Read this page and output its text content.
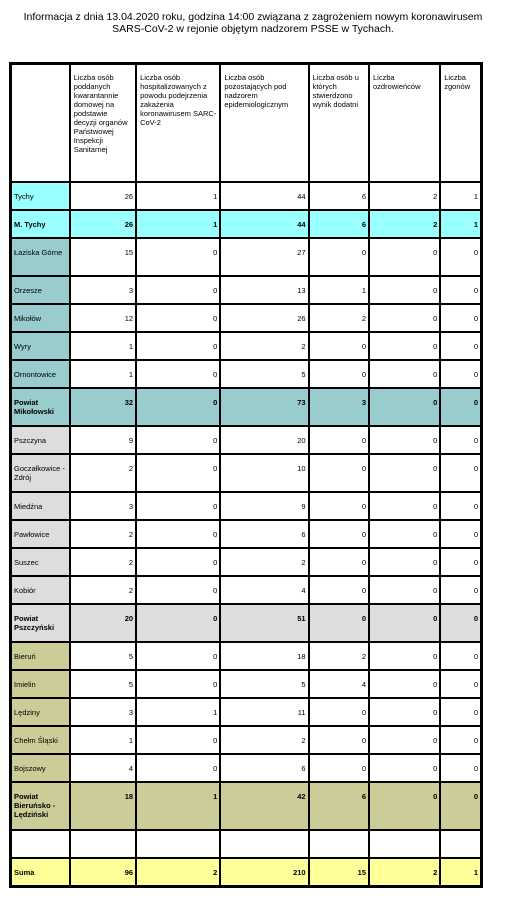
Informacja z dnia 13.04.2020 roku, godzina 14:00 związana z zagrożeniem nowym koronawirusem
SARS-CoV-2 w rejonie objętym nadzorem PSSE w Tychach.
	Liczba osób poddanych kwarantannie domowej na podstawie decyzji organów Państwowej Inspekcji Sanitarnej	Liczba osób hospitalizowanych z powodu podejrzenia zakażenia koronawirusem SARC-CoV-2	Liczba osób pozostających pod nadzorem epidemiologicznym	Liczba osób u których stwierdzono wynik dodatni	Liczba ozdrowieńców	Liczba zgonów
Tychy	26	1	44	6	2	1
M. Tychy	26	1	44	6	2	1
Łaziska Górne	15	0	27	0	0	0
Orzesze	3	0	13	1	0	0
Mikołów	12	0	26	2	0	0
Wyry	1	0	2	0	0	0
Ornontowice	1	0	5	0	0	0
Powiat Mikołowski	32	0	73	3	0	0
Pszczyna	9	0	20	0	0	0
Goczałkowice - Zdrój	2	0	10	0	0	0
Miedźna	3	0	9	0	0	0
Pawłowice	2	0	6	0	0	0
Suszec	2	0	2	0	0	0
Kobiór	2	0	4	0	0	0
Powiat Pszczyński	20	0	51	0	0	0
Bieruń	5	0	18	2	0	0
Imielin	5	0	5	4	0	0
Lędziny	3	1	11	0	0	0
Chełm Śląski	1	0	2	0	0	0
Bojszowy	4	0	6	0	0	0
Powiat Bieruńsko - Lędziński	18	1	42	6	0	0

Suma	96	2	210	15	2	1
